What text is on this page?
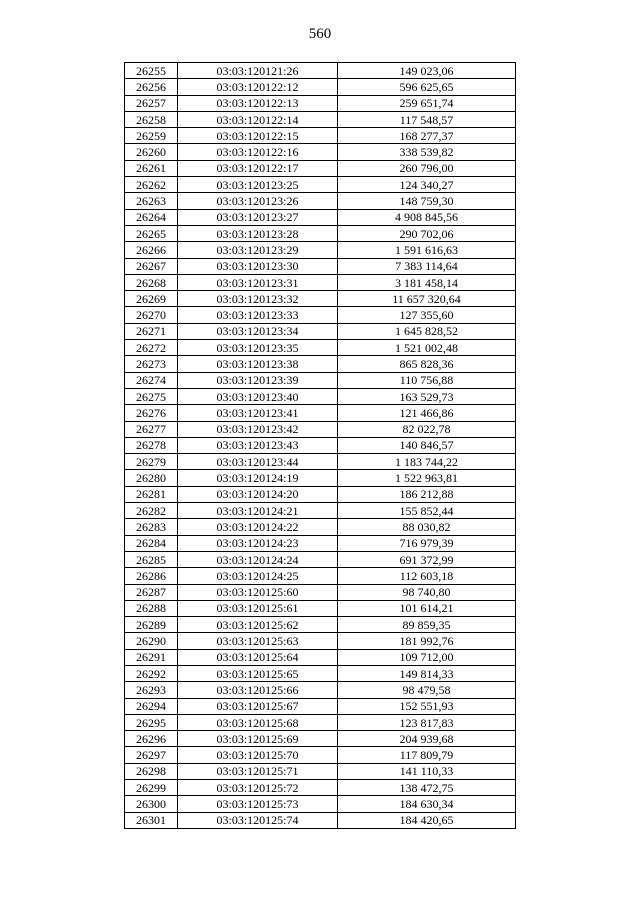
560
26255	03:03:120121:26	149 023,06
26256	03:03:120122:12	596 625,65
26257	03:03:120122:13	259 651,74
26258	03:03:120122:14	117 548,57
26259	03:03:120122:15	168 277,37
26260	03:03:120122:16	338 539,82
26261	03:03:120122:17	260 796,00
26262	03:03:120123:25	124 340,27
26263	03:03:120123:26	148 759,30
26264	03:03:120123:27	4 908 845,56
26265	03:03:120123:28	290 702,06
26266	03:03:120123:29	1 591 616,63
26267	03:03:120123:30	7 383 114,64
26268	03:03:120123:31	3 181 458,14
26269	03:03:120123:32	11 657 320,64
26270	03:03:120123:33	127 355,60
26271	03:03:120123:34	1 645 828,52
26272	03:03:120123:35	1 521 002,48
26273	03:03:120123:38	865 828,36
26274	03:03:120123:39	110 756,88
26275	03:03:120123:40	163 529,73
26276	03:03:120123:41	121 466,86
26277	03:03:120123:42	82 022,78
26278	03:03:120123:43	140 846,57
26279	03:03:120123:44	1 183 744,22
26280	03:03:120124:19	1 522 963,81
26281	03:03:120124:20	186 212,88
26282	03:03:120124:21	155 852,44
26283	03:03:120124:22	88 030,82
26284	03:03:120124:23	716 979,39
26285	03:03:120124:24	691 372,99
26286	03:03:120124:25	112 603,18
26287	03:03:120125:60	98 740,80
26288	03:03:120125:61	101 614,21
26289	03:03:120125:62	89 859,35
26290	03:03:120125:63	181 992,76
26291	03:03:120125:64	109 712,00
26292	03:03:120125:65	149 814,33
26293	03:03:120125:66	98 479,58
26294	03:03:120125:67	152 551,93
26295	03:03:120125:68	123 817,83
26296	03:03:120125:69	204 939,68
26297	03:03:120125:70	117 809,79
26298	03:03:120125:71	141 110,33
26299	03:03:120125:72	138 472,75
26300	03:03:120125:73	184 630,34
26301	03:03:120125:74	184 420,65
